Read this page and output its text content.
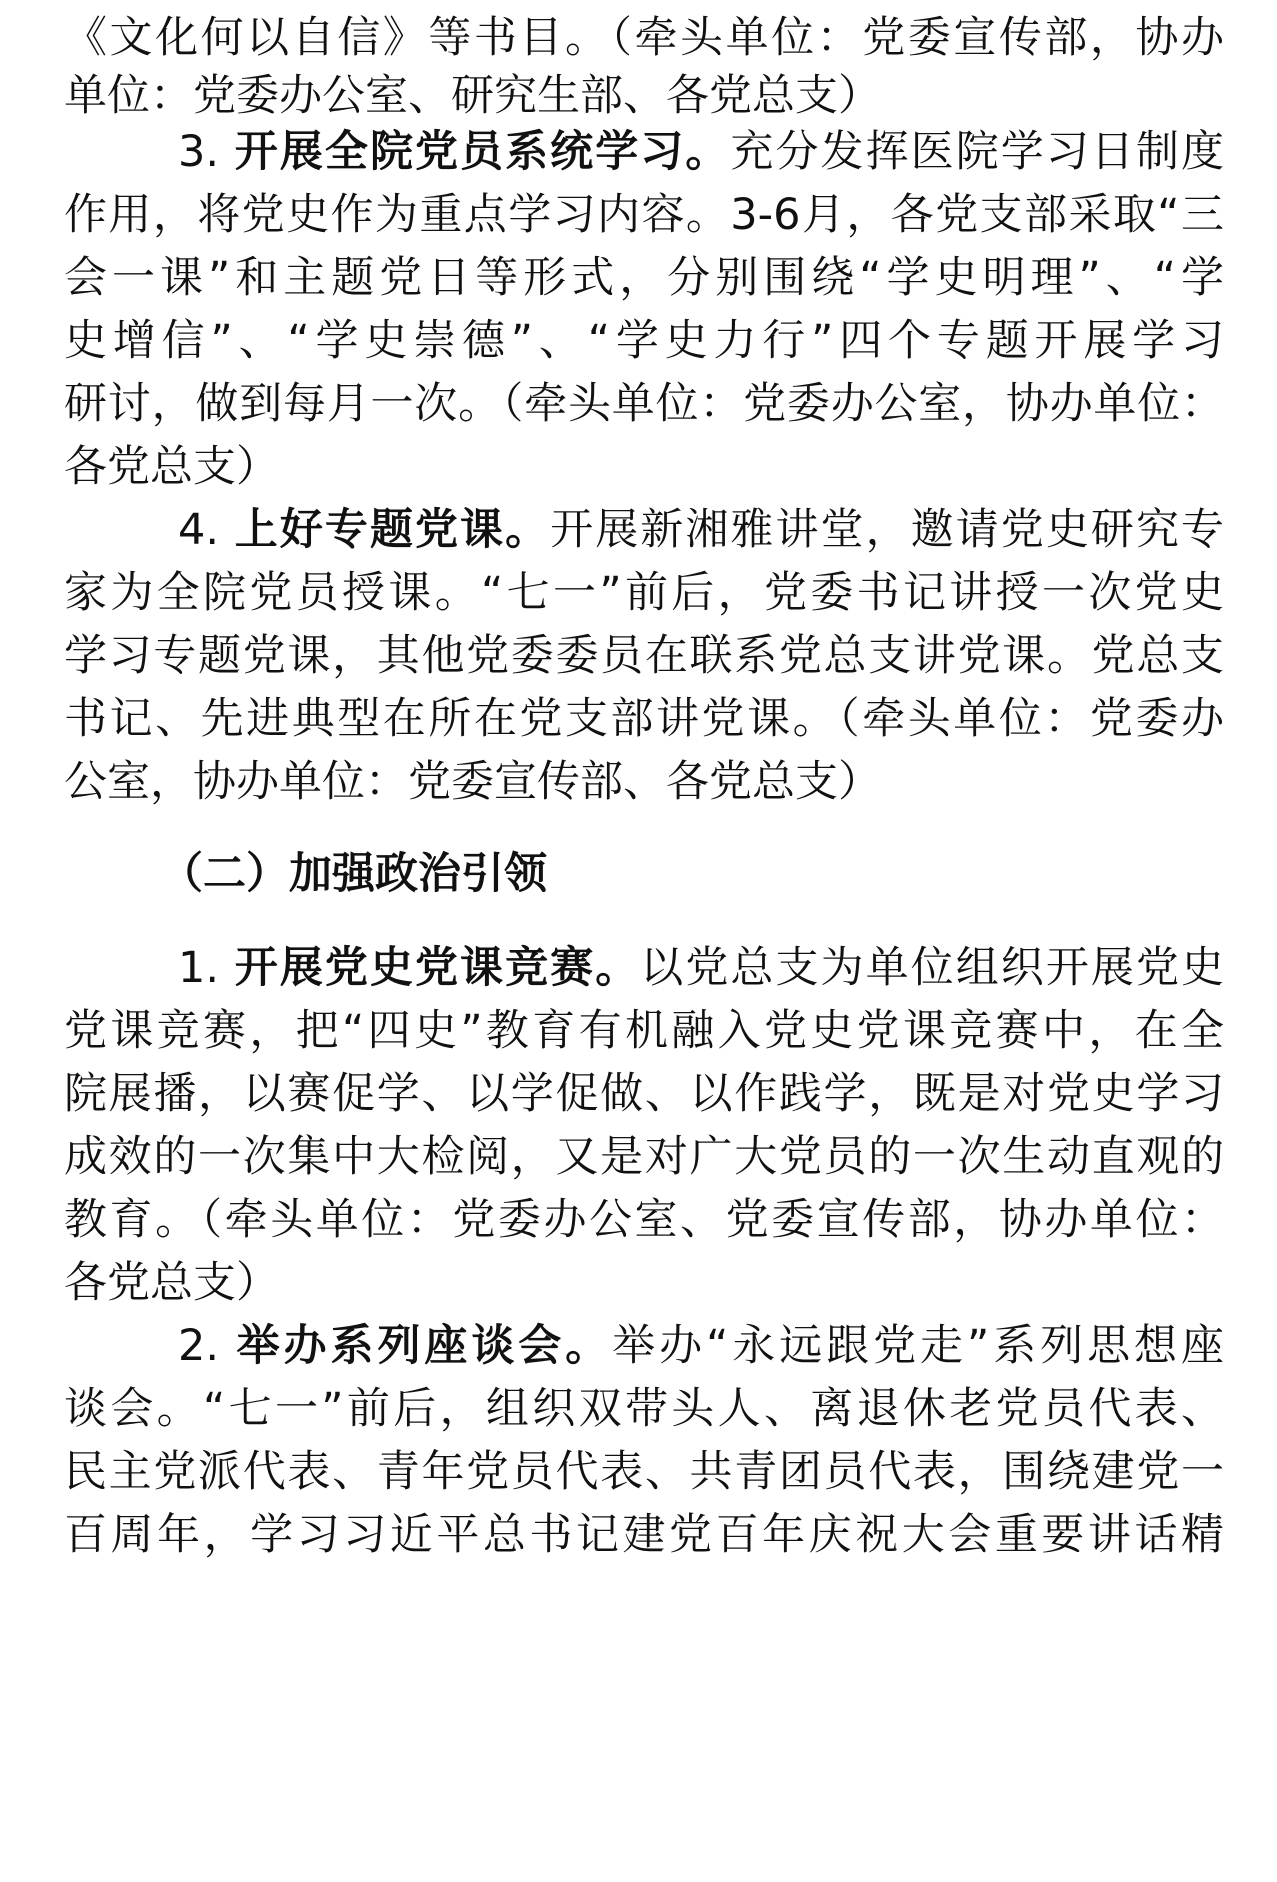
《文化何以自信》等书目。（牵头单位：党委宣传部，协办
单位：党委办公室、研究生部、各党总支）
3. 开展全院党员系统学习。充分发挥医院学习日制度
作用，将党史作为重点学习内容。3-6月，各党支部采取“三
会一课”和主题党日等形式，分别围绕“学史明理”、“学
史增信”、“学史崇德”、“学史力行”四个专题开展学习
研讨，做到每月一次。（牵头单位：党委办公室，协办单位：
各党总支）
4. 上好专题党课。开展新湘雅讲堂，邀请党史研究专
家为全院党员授课。“七一”前后，党委书记讲授一次党史
学习专题党课，其他党委委员在联系党总支讲党课。党总支
书记、先进典型在所在党支部讲党课。（牵头单位：党委办
公室，协办单位：党委宣传部、各党总支）
（二）加强政治引领
1. 开展党史党课竞赛。以党总支为单位组织开展党史
党课竞赛，把“四史”教育有机融入党史党课竞赛中，在全
院展播，以赛促学、以学促做、以作践学，既是对党史学习
成效的一次集中大检阅，又是对广大党员的一次生动直观的
教育。（牵头单位：党委办公室、党委宣传部，协办单位：
各党总支）
2. 举办系列座谈会。举办“永远跟党走”系列思想座
谈会。“七一”前后，组织双带头人、离退休老党员代表、
民主党派代表、青年党员代表、共青团员代表，围绕建党一
百周年，学习习近平总书记建党百年庆祝大会重要讲话精
